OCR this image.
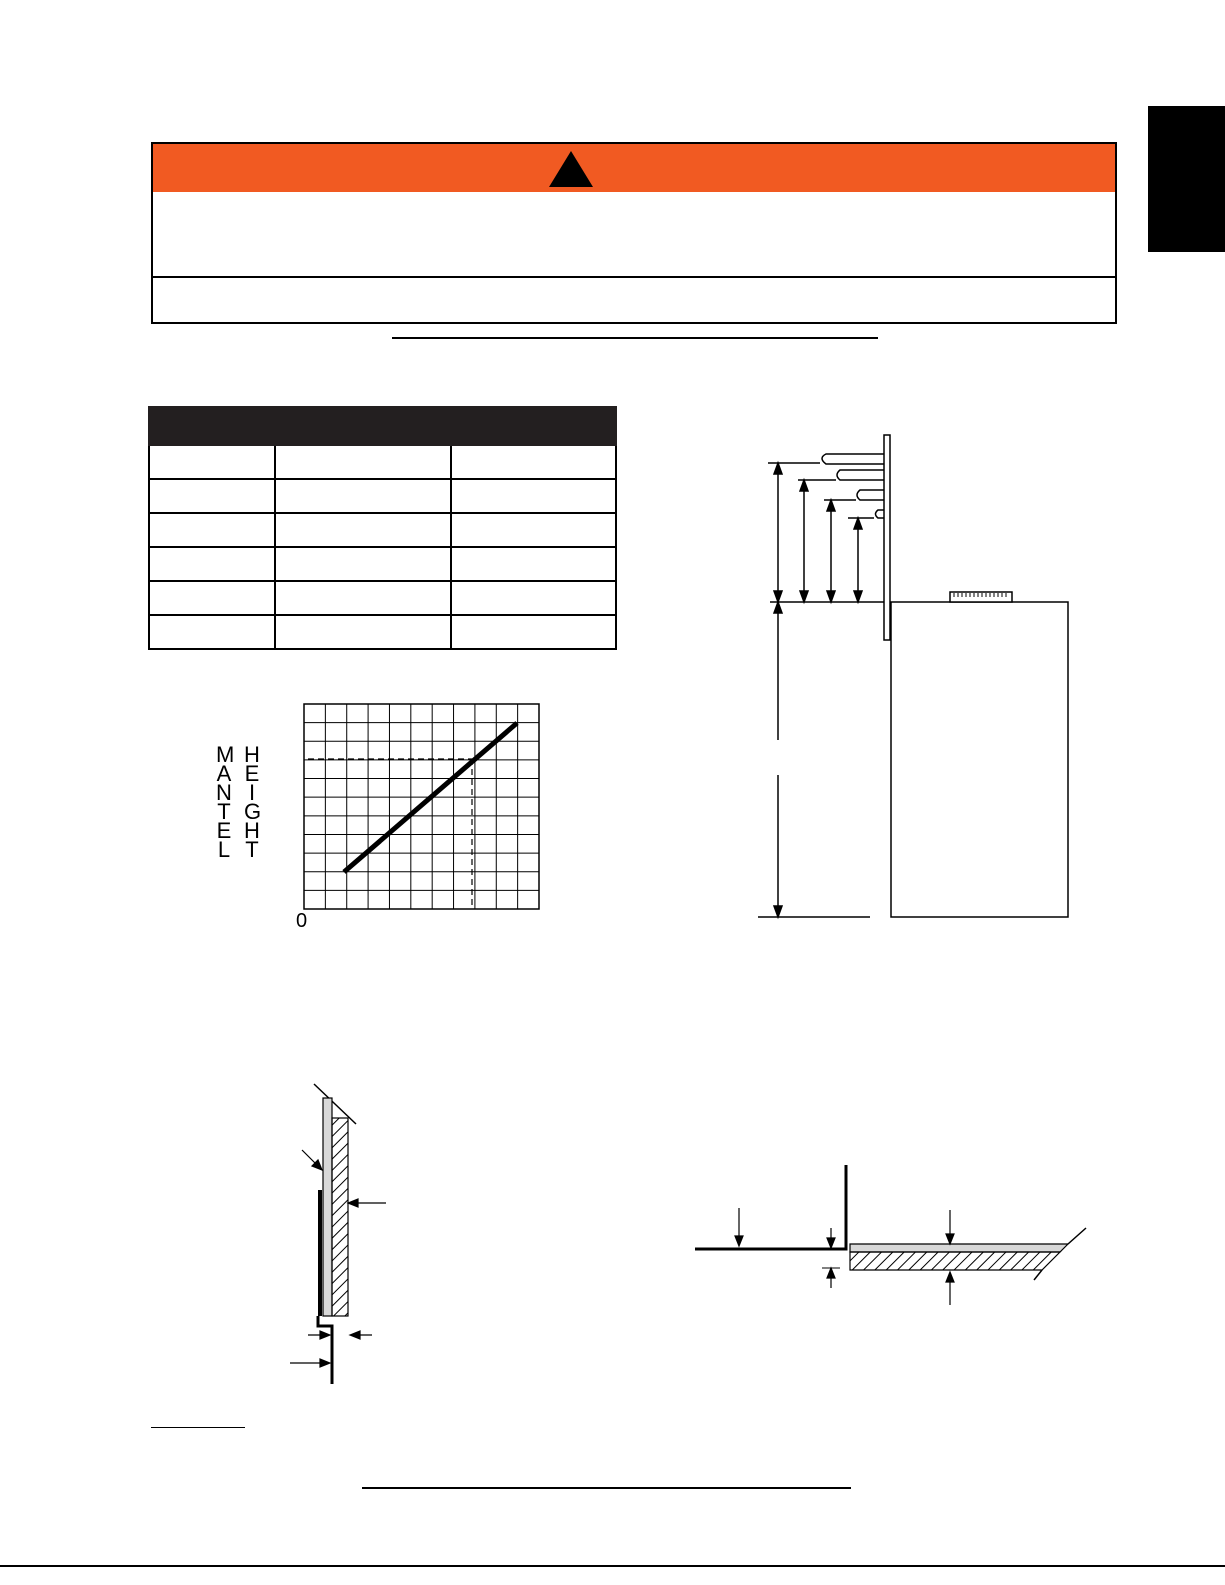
MANTEL
HEIGHT
0
